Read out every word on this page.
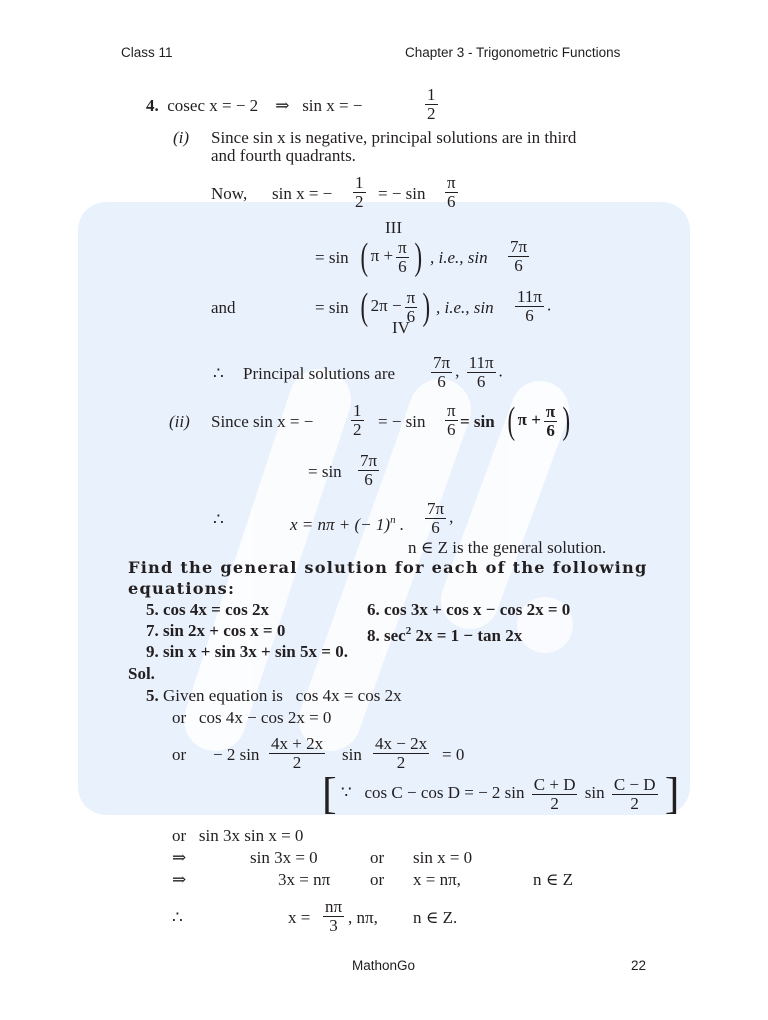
Class 11	Chapter 3 - Trigonometric Functions
4. cosec x = − 2 ⇒ sin x = −	$\frac{1}{2}$
(i) Since sin x is negative, principal solutions are in third
and fourth quadrants.
Now, sin x = − $\frac{1}{2}$ = − $\sin \frac{\pi}{6}$
III
= sin ( $\pi + \frac{\pi}{6}$ ) , i.e., $\sin \frac{7\pi}{6}$
and	= sin ( $2\pi - \frac{\pi}{6}$ ) , i.e., $\sin \frac{11\pi}{6}$ .
IV
∴ Principal solutions are $\frac{7\pi}{6}$ , $\frac{11\pi}{6}$ .
(ii) Since sin x = − $\frac{1}{2}$ = − $\sin \frac{\pi}{6} = \sin$ ( $\pi + \frac{\pi}{6}$ )
= $\sin \frac{7\pi}{6}$
∴	x = nπ + (− 1)$^n$ . $\frac{7\pi}{6}$ ,
n ∈ Z is the general solution.
Find the general solution for each of the following
equations:
5. cos 4x = cos 2x	6. cos 3x + cos x − cos 2x = 0
7. sin 2x + cos x = 0	8. $\sec^2 2x = 1 - \tan 2x$
9. sin x + sin 3x + sin 5x = 0.
Sol.
5. Given equation is cos 4x = cos 2x
or cos 4x − cos 2x = 0
or − 2 $\sin \frac{4x + 2x}{2}$ $\sin \frac{4x - 2x}{2} = 0$
[ ∵ cos C − cos D = − 2 $\sin \frac{C + D}{2}$ $\sin \frac{C - D}{2}$ ]
or sin 3x sin x = 0
⇒	sin 3x = 0	or sin x = 0
⇒	3x = nπ or x = nπ,	n ∈ Z
∴	$x = \frac{n\pi}{3}$ , nπ, n ∈ Z.
MathonGo	22
